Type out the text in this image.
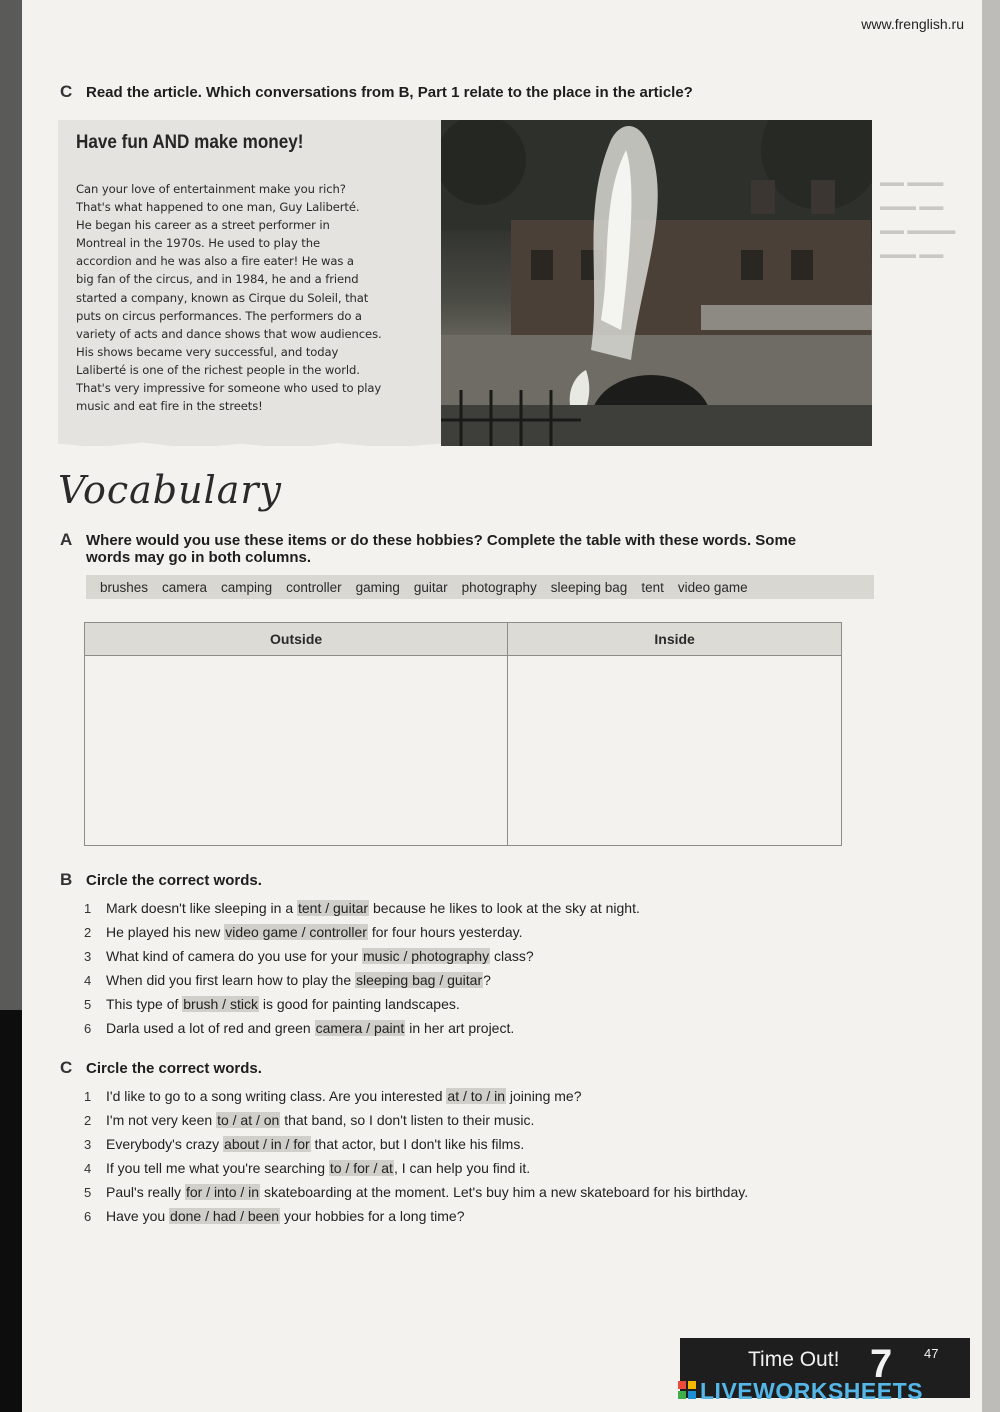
▬▬ ▬▬▬
▬▬▬ ▬▬
▬▬ ▬▬▬▬
▬▬▬ ▬▬
www.frenglish.ru
C Read the article. Which conversations from B, Part 1 relate to the place in the article?
Have fun AND make money!
Can your love of entertainment make you rich?
That's what happened to one man, Guy Laliberté.
He began his career as a street performer in
Montreal in the 1970s. He used to play the
accordion and he was also a fire eater! He was a
big fan of the circus, and in 1984, he and a friend
started a company, known as Cirque du Soleil, that
puts on circus performances. The performers do a
variety of acts and dance shows that wow audiences.
His shows became very successful, and today
Laliberté is one of the richest people in the world.
That's very impressive for someone who used to play
music and eat fire in the streets!
Vocabulary
A Where would you use these items or do these hobbies? Complete the table with these words. Some
words may go in both columns.
brushes camera camping controller gaming guitar photography sleeping bag tent video game
Outside	Inside

B Circle the correct words.
1	Mark doesn't like sleeping in a
tent / guitar
because he likes to look at the sky at night.
2	He played his new
video game / controller
for four hours yesterday.
3	What kind of camera do you use for your
music / photography
class?
4	When did you first learn how to play the
sleeping bag / guitar ?
5	This type of
brush / stick
is good for painting landscapes.
6	Darla used a lot of red and green
camera / paint
in her art project.
C Circle the correct words.
1	I'd like to go to a song writing class. Are you interested
at / to / in
joining me?
2	I'm not very keen
to / at / on
that band, so I don't listen to their music.
3	Everybody's crazy
about / in / for
that actor, but I don't like his films.
4	If you tell me what you're searching
to / for / at , I can help you find it.
5	Paul's really
for / into / in
skateboarding at the moment. Let's buy him a new skateboard for his birthday.
6	Have you
done / had / been
your hobbies for a long time?
Time Out! 7 47
LIVEWORKSHEETS
